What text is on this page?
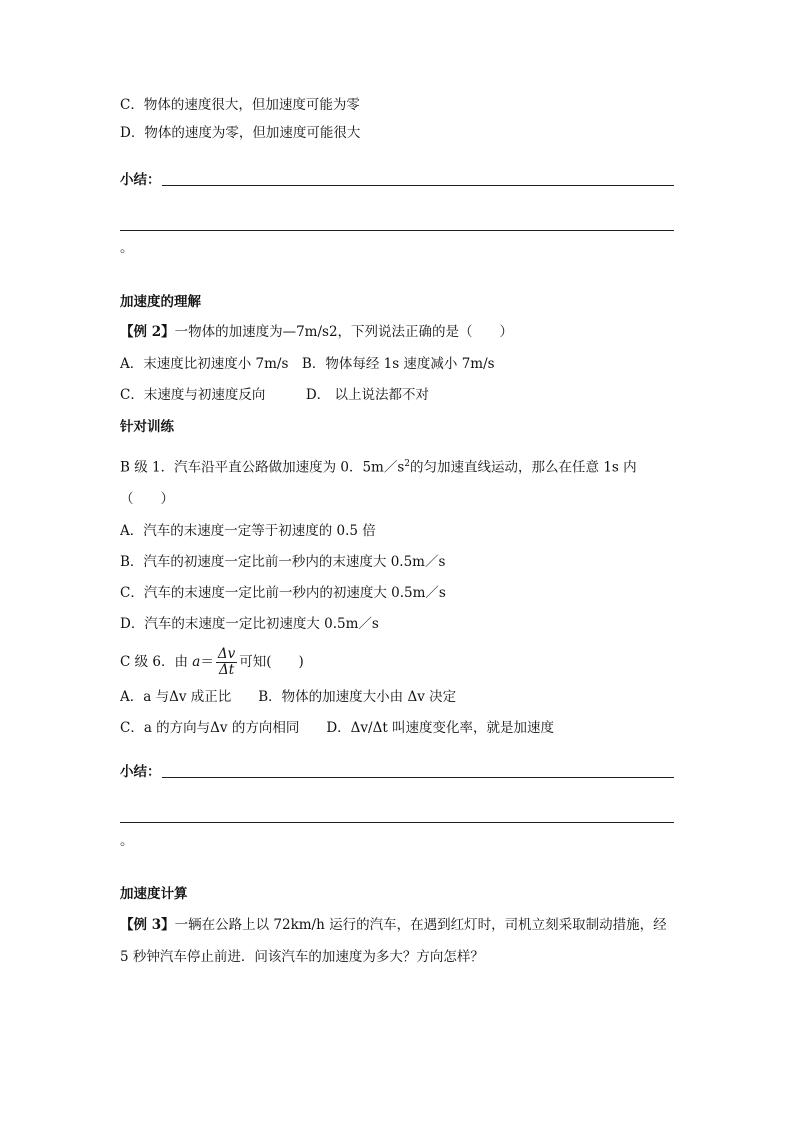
C．物体的速度很大，但加速度可能为零
D．物体的速度为零，但加速度可能很大
小结：
。
加速度的理解
【例 2】一物体的加速度为—7m/s2，下列说法正确的是（　　）
A．末速度比初速度小 7m/s　B．物体每经 1s 速度减小 7m/s
C．末速度与初速度反向　　　D． 以上说法都不对
针对训练
B 级 1．汽车沿平直公路做加速度为 0．$5m/s^2$的匀加速直线运动，那么在任意 1s 内
（　　）
A．汽车的末速度一定等于初速度的 0.5 倍
B．汽车的初速度一定比前一秒内的末速度大 0.5m／s
C．汽车的末速度一定比前一秒内的初速度大 0.5m／s
D．汽车的末速度一定比初速度大 0.5m／s
C 级 6．由 $a= \frac{\Delta v}{\Delta t}$ 可知(　　)
A．a 与Δv 成正比　　B．物体的加速度大小由 Δv 决定
C．a 的方向与Δv 的方向相同　　D．Δv/Δt 叫速度变化率，就是加速度
小结：
。
加速度计算
【例 3】一辆在公路上以 72km/h 运行的汽车，在遇到红灯时，司机立刻采取制动措施，经
5 秒钟汽车停止前进．问该汽车的加速度为多大？方向怎样？
